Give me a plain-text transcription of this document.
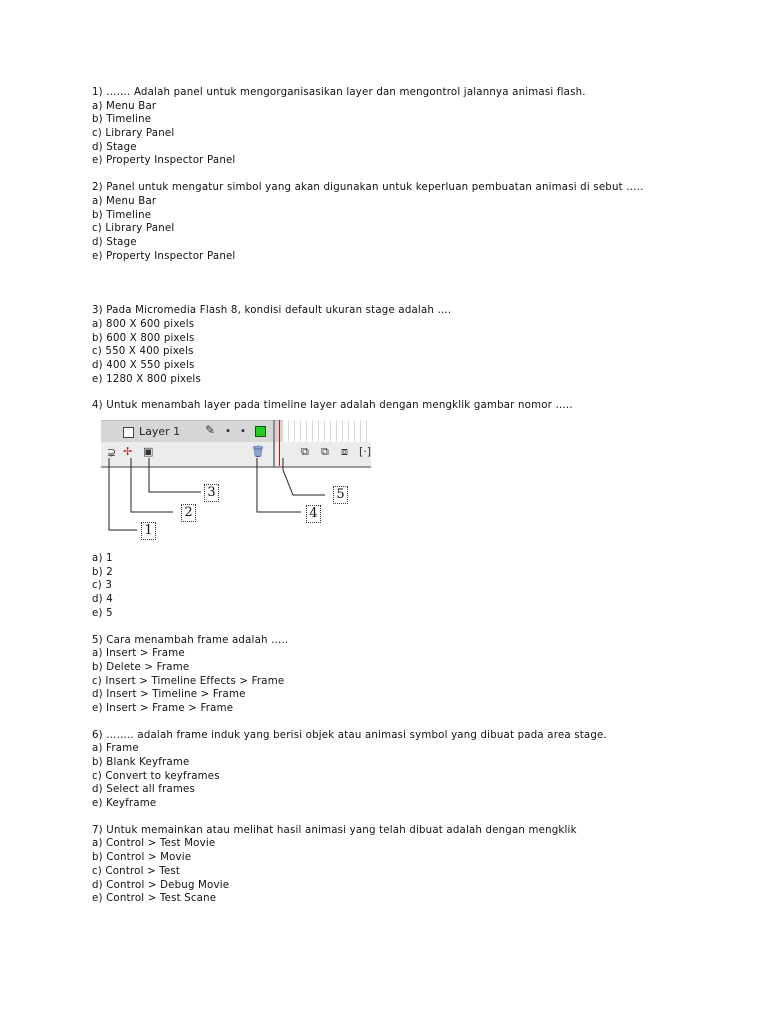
1) ……. Adalah panel untuk mengorganisasikan layer dan mengontrol jalannya animasi flash.
a) Menu Bar
b) Timeline
c) Library Panel
d) Stage
e) Property Inspector Panel
2) Panel untuk mengatur simbol yang akan digunakan untuk keperluan pembuatan animasi di sebut …..
a) Menu Bar
b) Timeline
c) Library Panel
d) Stage
e) Property Inspector Panel
3) Pada Micromedia Flash 8, kondisi default ukuran stage adalah ….
a) 800 X 600 pixels
b) 600 X 800 pixels
c) 550 X 400 pixels
d) 400 X 550 pixels
e) 1280 X 800 pixels
4) Untuk menambah layer pada timeline layer adalah dengan mengklik gambar nomor …..
Layer 1 ✎ • •
⊋ ✢ ▣	🗑	⧉ ⧉ ⧈ [·]
1
2
3
4
5
a) 1
b) 2
c) 3
d) 4
e) 5
5) Cara menambah frame adalah …..
a) Insert > Frame
b) Delete > Frame
c) Insert > Timeline Effects > Frame
d) Insert > Timeline > Frame
e) Insert > Frame > Frame
6) …….. adalah frame induk yang berisi objek atau animasi symbol yang dibuat pada area stage.
a) Frame
b) Blank Keyframe
c) Convert to keyframes
d) Select all frames
e) Keyframe
7) Untuk memainkan atau melihat hasil animasi yang telah dibuat adalah dengan mengklik
a) Control > Test Movie
b) Control > Movie
c) Control > Test
d) Control > Debug Movie
e) Control > Test Scane
